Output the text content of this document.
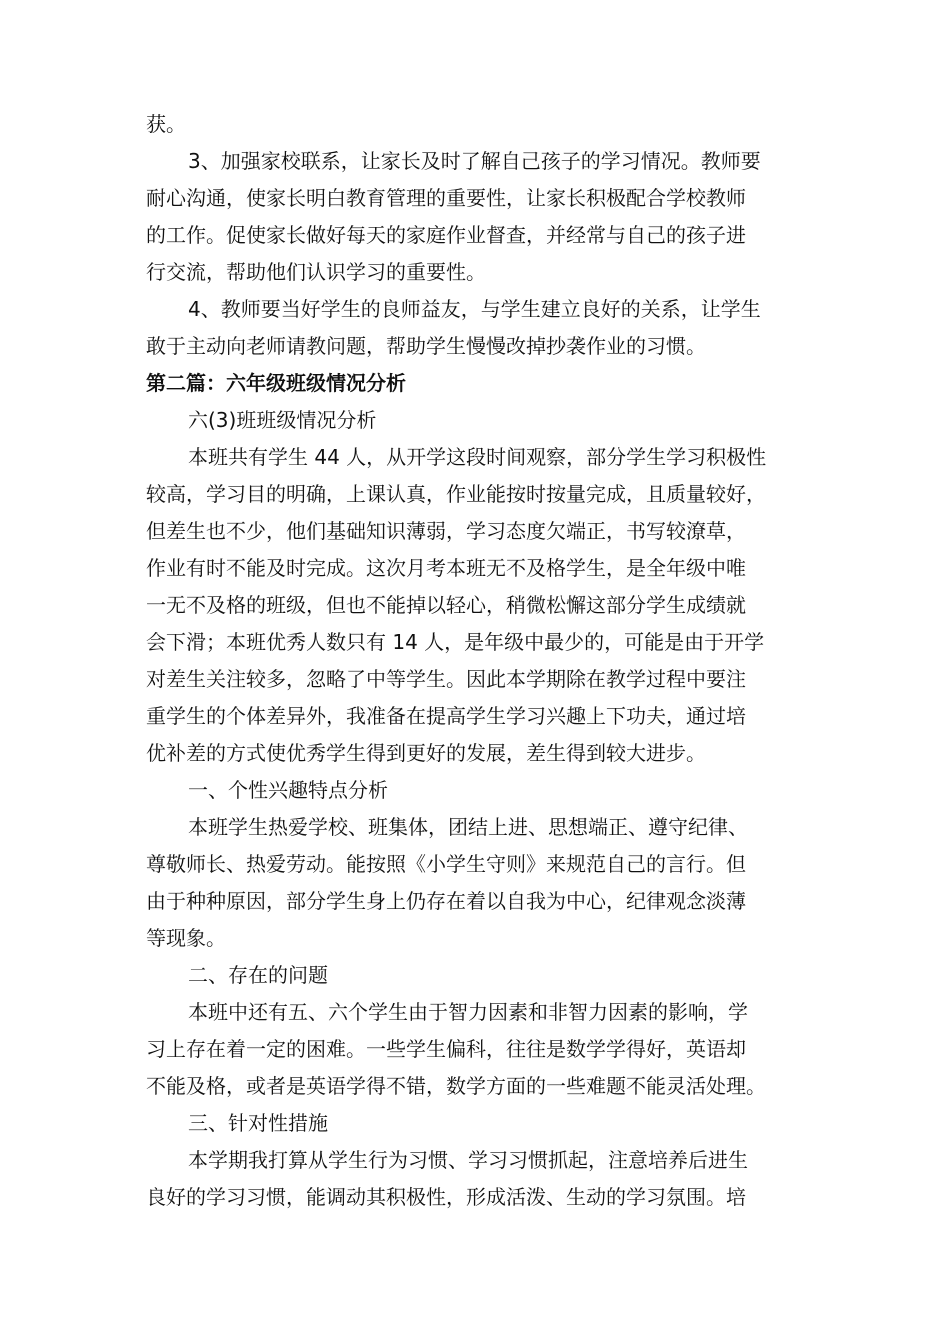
获。

3、加强家校联系，让家长及时了解自己孩子的学习情况。教师要
耐心沟通，使家长明白教育管理的重要性，让家长积极配合学校教师
的工作。促使家长做好每天的家庭作业督查，并经常与自己的孩子进
行交流，帮助他们认识学习的重要性。

4、教师要当好学生的良师益友，与学生建立良好的关系，让学生
敢于主动向老师请教问题，帮助学生慢慢改掉抄袭作业的习惯。

第二篇：六年级班级情况分析

六(3)班班级情况分析

本班共有学生 44 人，从开学这段时间观察，部分学生学习积极性
较高，学习目的明确，上课认真，作业能按时按量完成，且质量较好，
但差生也不少，他们基础知识薄弱，学习态度欠端正，书写较潦草，
作业有时不能及时完成。这次月考本班无不及格学生，是全年级中唯
一无不及格的班级，但也不能掉以轻心，稍微松懈这部分学生成绩就
会下滑；本班优秀人数只有 14 人，是年级中最少的，可能是由于开学
对差生关注较多，忽略了中等学生。因此本学期除在教学过程中要注
重学生的个体差异外，我准备在提高学生学习兴趣上下功夫，通过培
优补差的方式使优秀学生得到更好的发展，差生得到较大进步。

一、个性兴趣特点分析

本班学生热爱学校、班集体，团结上进、思想端正、遵守纪律、
尊敬师长、热爱劳动。能按照《小学生守则》来规范自己的言行。但
由于种种原因，部分学生身上仍存在着以自我为中心，纪律观念淡薄
等现象。

二、存在的问题

本班中还有五、六个学生由于智力因素和非智力因素的影响，学
习上存在着一定的困难。一些学生偏科，往往是数学学得好，英语却
不能及格，或者是英语学得不错，数学方面的一些难题不能灵活处理。

三、针对性措施

本学期我打算从学生行为习惯、学习习惯抓起，注意培养后进生
良好的学习习惯，能调动其积极性，形成活泼、生动的学习氛围。培
